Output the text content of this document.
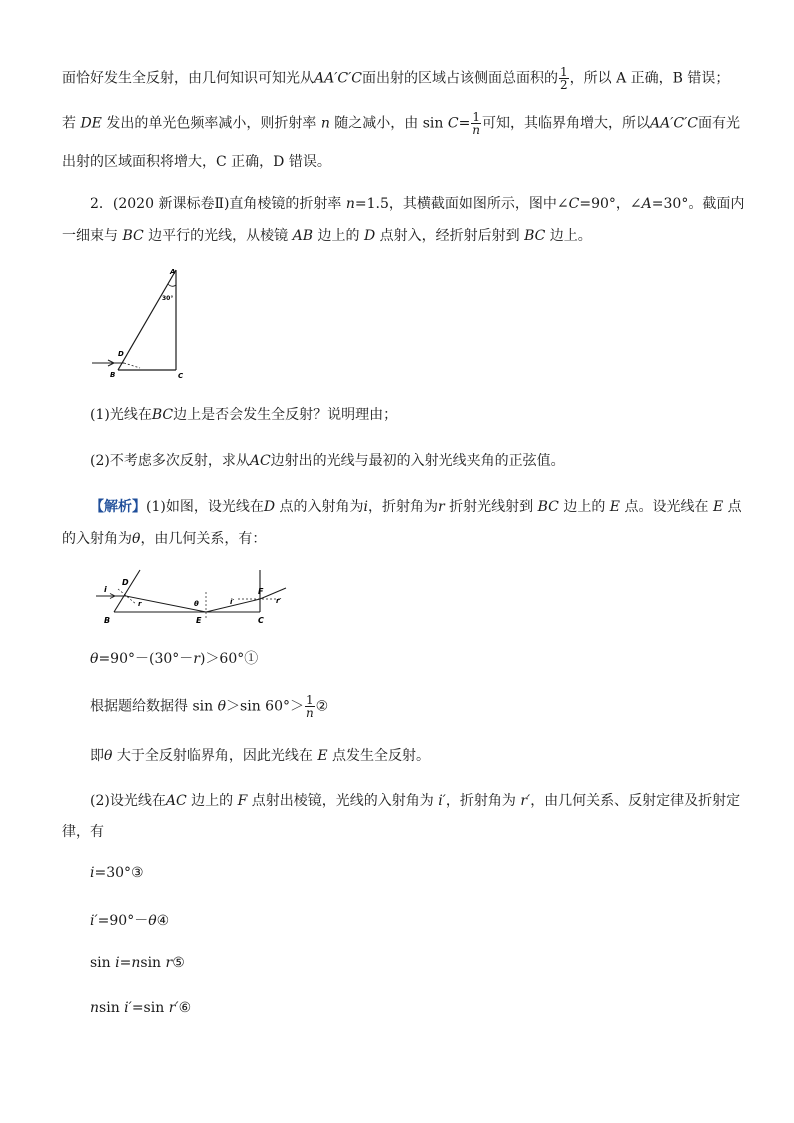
面恰好发生全反射，由几何知识可知光从AA′C′C面出射的区域占该侧面总面积的 $\frac{1}{2}$ ，所以 A 正确，B 错误；
若 DE 发出的单光色频率减小，则折射率 n 随之减小，由 $\sin C= \frac{1}{n}$ 可知，其临界角增大，所以AA′C′C面有光
出射的区域面积将增大，C 正确，D 错误。
2．(2020 新课标卷Ⅱ)直角棱镜的折射率 n=1.5，其横截面如图所示，图中∠C=90°，∠A=30°。截面内
一细束与 BC 边平行的光线，从棱镜 AB 边上的 D 点射入，经折射后射到 BC 边上。
A
B	C
D
30°
(1)光线在BC边上是否会发生全反射？说明理由；
(2)不考虑多次反射，求从AC边射出的光线与最初的入射光线夹角的正弦值。
【解析】(1)如图，设光线在D 点的入射角为i，折射角为r 折射光线射到 BC 边上的 E 点。设光线在 E 点
的入射角为θ，由几何关系，有：
i
D
r	θ
E
i′
F
r′
B	C
θ=90°－(30°－r)＞60°①
根据题给数据得 sin θ＞sin $60^\circ> \frac{1}{n}$ ②
即θ 大于全反射临界角，因此光线在 E 点发生全反射。
(2)设光线在AC 边上的 F 点射出棱镜，光线的入射角为 i′，折射角为 r′，由几何关系、反射定律及折射定
律，有
i=30°③
i′=90°－θ④
sin i=nsin r⑤
nsin i′=sin r′⑥
